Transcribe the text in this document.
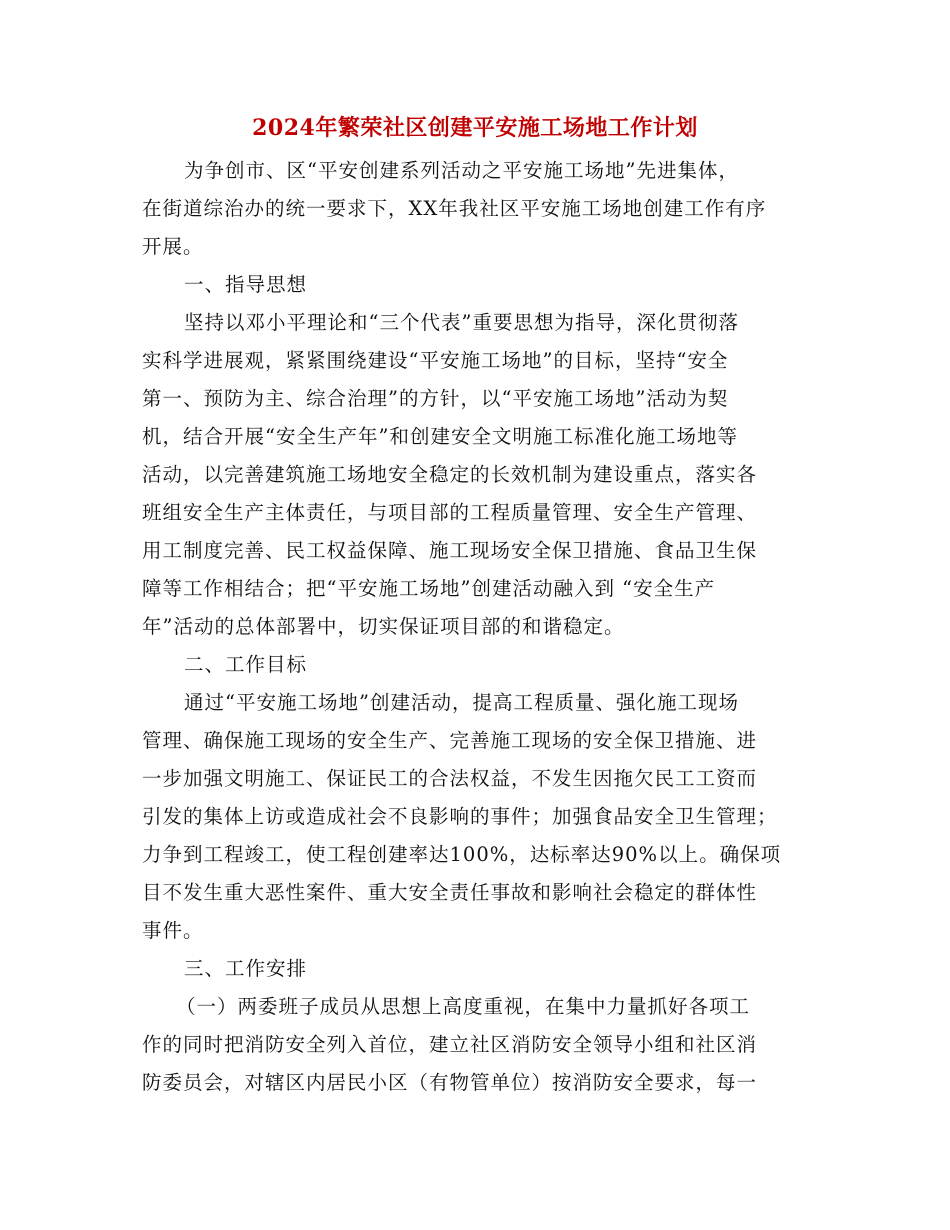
2024年繁荣社区创建平安施工场地工作计划
为争创市、区“平安创建系列活动之平安施工场地”先进集体，
在街道综治办的统一要求下，XX年我社区平安施工场地创建工作有序
开展。
一、指导思想
坚持以邓小平理论和“三个代表”重要思想为指导，深化贯彻落
实科学进展观，紧紧围绕建设“平安施工场地”的目标，坚持“安全
第一、预防为主、综合治理”的方针，以“平安施工场地”活动为契
机，结合开展“安全生产年”和创建安全文明施工标准化施工场地等
活动，以完善建筑施工场地安全稳定的长效机制为建设重点，落实各
班组安全生产主体责任，与项目部的工程质量管理、安全生产管理、
用工制度完善、民工权益保障、施工现场安全保卫措施、食品卫生保
障等工作相结合；把“平安施工场地”创建活动融入到 “安全生产
年”活动的总体部署中，切实保证项目部的和谐稳定。
二、工作目标
通过“平安施工场地”创建活动，提高工程质量、强化施工现场
管理、确保施工现场的安全生产、完善施工现场的安全保卫措施、进
一步加强文明施工、保证民工的合法权益，不发生因拖欠民工工资而
引发的集体上访或造成社会不良影响的事件；加强食品安全卫生管理；
力争到工程竣工，使工程创建率达100%，达标率达90%以上。确保项
目不发生重大恶性案件、重大安全责任事故和影响社会稳定的群体性
事件。
三、工作安排
（一）两委班子成员从思想上高度重视，在集中力量抓好各项工
作的同时把消防安全列入首位，建立社区消防安全领导小组和社区消
防委员会，对辖区内居民小区（有物管单位）按消防安全要求，每一
